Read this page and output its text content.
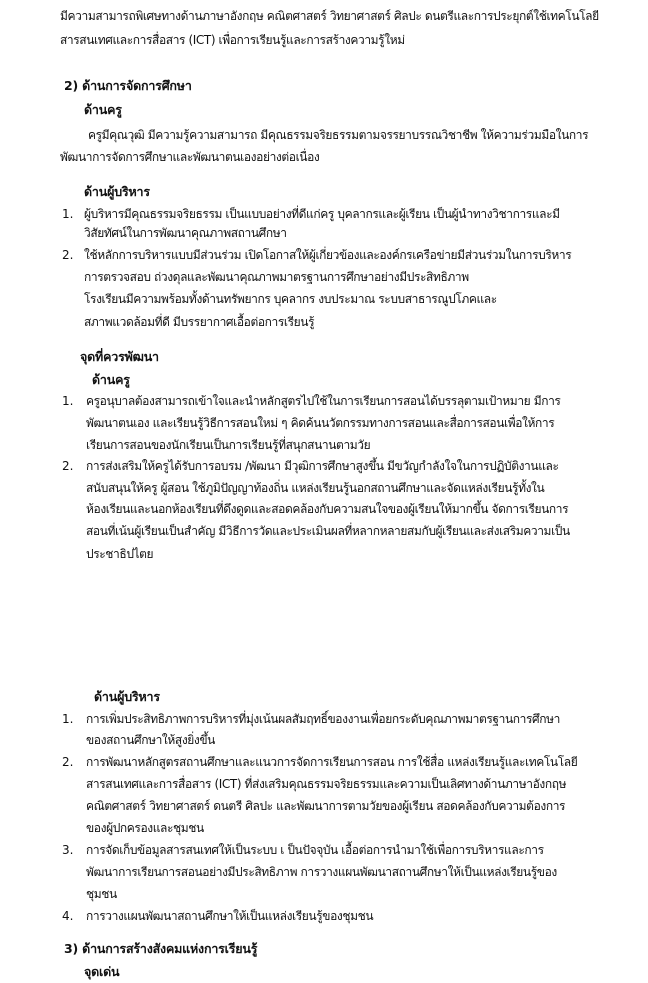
มีความสามารถพิเศษทางด้านภาษาอังกฤษ คณิตศาสตร์ วิทยาศาสตร์ ศิลปะ ดนตรีและการประยุกต์ใช้เทคโนโลยี
สารสนเทศและการสื่อสาร (ICT) เพื่อการเรียนรู้และการสร้างความรู้ใหม่
2) ด้านการจัดการศึกษา
ด้านครู
ครูมีคุณวุฒิ มีความรู้ความสามารถ มีคุณธรรมจริยธรรมตามจรรยาบรรณวิชาชีพ ให้ความร่วมมือในการ
พัฒนาการจัดการศึกษาและพัฒนาตนเองอย่างต่อเนื่อง
ด้านผู้บริหาร
1. ผู้บริหารมีคุณธรรมจริยธรรม เป็นแบบอย่างที่ดีแก่ครู บุคลากรและผู้เรียน เป็นผู้นำทางวิชาการและมี
วิสัยทัศน์ในการพัฒนาคุณภาพสถานศึกษา
2. ใช้หลักการบริหารแบบมีส่วนร่วม เปิดโอกาสให้ผู้เกี่ยวข้องและองค์กรเครือข่ายมีส่วนร่วมในการบริหาร
การตรวจสอบ ถ่วงดุลและพัฒนาคุณภาพมาตรฐานการศึกษาอย่างมีประสิทธิภาพ
โรงเรียนมีความพร้อมทั้งด้านทรัพยากร บุคลากร งบประมาณ ระบบสาธารณูปโภคและ
สภาพแวดล้อมที่ดี มีบรรยากาศเอื้อต่อการเรียนรู้
จุดที่ควรพัฒนา
ด้านครู
1. ครูอนุบาลต้องสามารถเข้าใจและนำหลักสูตรไปใช้ในการเรียนการสอนได้บรรลุตามเป้าหมาย มีการ
พัฒนาตนเอง และเรียนรู้วิธีการสอนใหม่ ๆ คิดค้นนวัตกรรมทางการสอนและสื่อการสอนเพื่อให้การ
เรียนการสอนของนักเรียนเป็นการเรียนรู้ที่สนุกสนานตามวัย
2. การส่งเสริมให้ครูได้รับการอบรม /พัฒนา มีวุฒิการศึกษาสูงขึ้น มีขวัญกำลังใจในการปฏิบัติงานและ
สนับสนุนให้ครู ผู้สอน ใช้ภูมิปัญญาท้องถิ่น แหล่งเรียนรู้นอกสถานศึกษาและจัดแหล่งเรียนรู้ทั้งใน
ห้องเรียนและนอกห้องเรียนที่ดึงดูดและสอดคล้องกับความสนใจของผู้เรียนให้มากขึ้น จัดการเรียนการ
สอนที่เน้นผู้เรียนเป็นสำคัญ มีวิธีการวัดและประเมินผลที่หลากหลายสมกับผู้เรียนและส่งเสริมความเป็น
ประชาธิปไตย
ด้านผู้บริหาร
1. การเพิ่มประสิทธิภาพการบริหารที่มุ่งเน้นผลสัมฤทธิ์ของงานเพื่อยกระดับคุณภาพมาตรฐานการศึกษา
ของสถานศึกษาให้สูงยิ่งขึ้น
2. การพัฒนาหลักสูตรสถานศึกษาและแนวการจัดการเรียนการสอน การใช้สื่อ แหล่งเรียนรู้และเทคโนโลยี
สารสนเทศและการสื่อสาร (ICT) ที่ส่งเสริมคุณธรรมจริยธรรมและความเป็นเลิศทางด้านภาษาอังกฤษ
คณิตศาสตร์ วิทยาศาสตร์ ดนตรี ศิลปะ และพัฒนาการตามวัยของผู้เรียน สอดคล้องกับความต้องการ
ของผู้ปกครองและชุมชน
3. การจัดเก็บข้อมูลสารสนเทศให้เป็นระบบ เ ป็นปัจจุบัน เอื้อต่อการนำมาใช้เพื่อการบริหารและการ
พัฒนาการเรียนการสอนอย่างมีประสิทธิภาพ การวางแผนพัฒนาสถานศึกษาให้เป็นแหล่งเรียนรู้ของ
ชุมชน
4. การวางแผนพัฒนาสถานศึกษาให้เป็นแหล่งเรียนรู้ของชุมชน
3) ด้านการสร้างสังคมแห่งการเรียนรู้
จุดเด่น
